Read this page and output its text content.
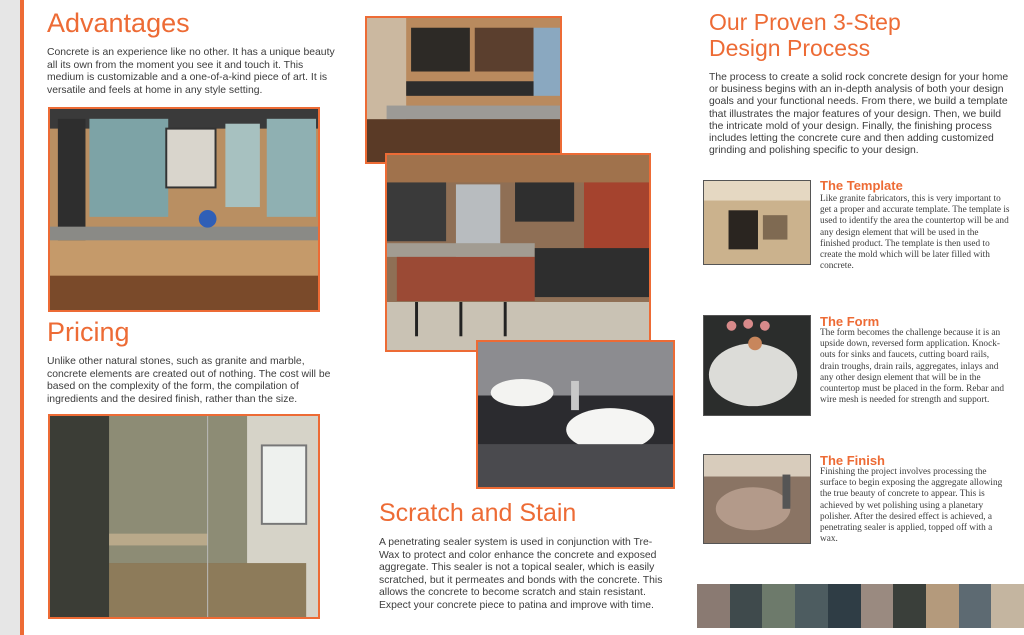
Advantages

Concrete is an experience like no other. It has a unique beauty all its own from the moment you see it and touch it. This medium is customizable and a one-of-a-kind piece of art. It is versatile and feels at home in any style setting.

Pricing

Unlike other natural stones, such as granite and marble, concrete elements are created out of nothing. The cost will be based on the complexity of the form, the compilation of ingredients and the desired finish, rather than the size.

Scratch and Stain

A penetrating sealer system is used in conjunction with Tre-Wax to protect and color enhance the concrete and exposed aggregate. This sealer is not a topical sealer, which is easily scratched, but it permeates and bonds with the concrete. This allows the concrete to become scratch and stain resistant. Expect your concrete piece to patina and improve with time.

Our Proven 3-Step
Design Process

The process to create a solid rock concrete design for your home or business begins with an in-depth analysis of both your design goals and your functional needs. From there, we build a template that illustrates the major features of your design. Then, we build the intricate mold of your design. Finally, the finishing process includes letting the concrete cure and then adding customized grinding and polishing specific to your design.

The Template

Like granite fabricators, this is very important to get a proper and accurate template. The template is used to identify the area the countertop will be and any design element that will be used in the finished product. The template is then used to create the mold which will be later filled with concrete.

The Form

The form becomes the challenge because it is an upside down, reversed form application. Knock-outs for sinks and faucets, cutting board rails, drain troughs, drain rails, aggregates, inlays and any other design element that will be in the countertop must be placed in the form. Rebar and wire mesh is needed for strength and support.

The Finish

Finishing the project involves processing the surface to begin exposing the aggregate allowing the true beauty of concrete to appear. This is achieved by wet polishing using a planetary polisher. After the desired effect is achieved, a penetrating sealer is applied, topped off with a wax.
